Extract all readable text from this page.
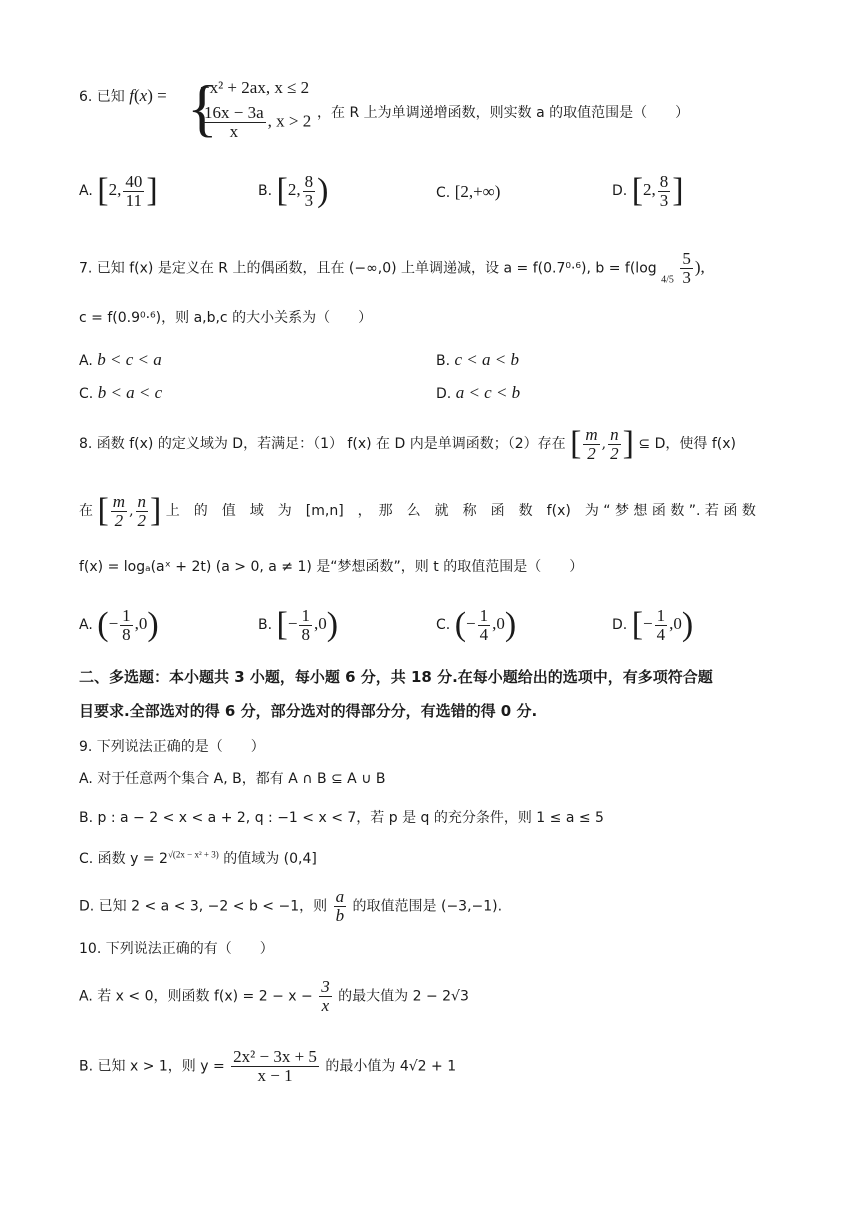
6. 已知 f(x) = {
−x² + 2ax, x ≤ 2
$\frac{16x - 3a}{x}$ , x > 2 ，在 R 上为单调递增函数，则实数 a 的取值范围是（　　）
A. [2, $\frac{40}{11}$ ]	B. [2, $\frac{8}{3}$ )	C. [2,+∞)	D. [2, $\frac{8}{3}$ ]
7. 已知 f(x) 是定义在 R 上的偶函数，且在 (−∞,0) 上单调递减，设 a = f(0.7⁰·⁶), b = f(log $_{4/5} \frac{5}{3}$ ),
c = f(0.9⁰·⁶)，则 a,b,c 的大小关系为（　　）
A. b < c < a	B. c < a < b
C. b < a < c	D. a < c < b
8. 函数 f(x) 的定义域为 D，若满足：（1） f(x) 在 D 内是单调函数；（2）存在 [ $\frac{m}{2}$ , $\frac{n}{2}$ ] ⊆ D，使得 f(x)
在 [ $\frac{m}{2}$ , $\frac{n}{2}$ ] 上　的　值　域　为　[m,n]　，　那　么　就　称　函　数　f(x)　为 “ 梦 想 函 数 ”. 若 函 数
f(x) = logₐ(aˣ + 2t) (a > 0, a ≠ 1) 是“梦想函数”，则 t 的取值范围是（　　）
A. (− $\frac{1}{8} ,0$)	B. [− $\frac{1}{8} ,0$)	C. (− $\frac{1}{4} ,0$)	D. [− $\frac{1}{4} ,0$)
二、多选题：本小题共 3 小题，每小题 6 分，共 18 分.在每小题给出的选项中，有多项符合题
目要求.全部选对的得 6 分，部分选对的得部分分，有选错的得 0 分.
9. 下列说法正确的是（　　）
A. 对于任意两个集合 A, B，都有 A ∩ B ⊆ A ∪ B
B. p : a − 2 < x < a + 2, q : −1 < x < 7，若 p 是 q 的充分条件，则 1 ≤ a ≤ 5
C. 函数 $y = 2^{√(2x - x^2 + 3)}$ 的值域为 (0,4]
D. 已知 2 < a < 3, −2 < b < −1，则 $\frac{a}{b}$ 的取值范围是 (−3,−1).
10. 下列说法正确的有（　　）
A. 若 x < 0，则函数 $f(x) = 2 - x - \frac{3}{x}$ 的最大值为 2 − 2√3
B. 已知 x > 1，则 $y = \frac{\text{2x² − 3x + 5}}{x - 1}$ 的最小值为 4√2 + 1
